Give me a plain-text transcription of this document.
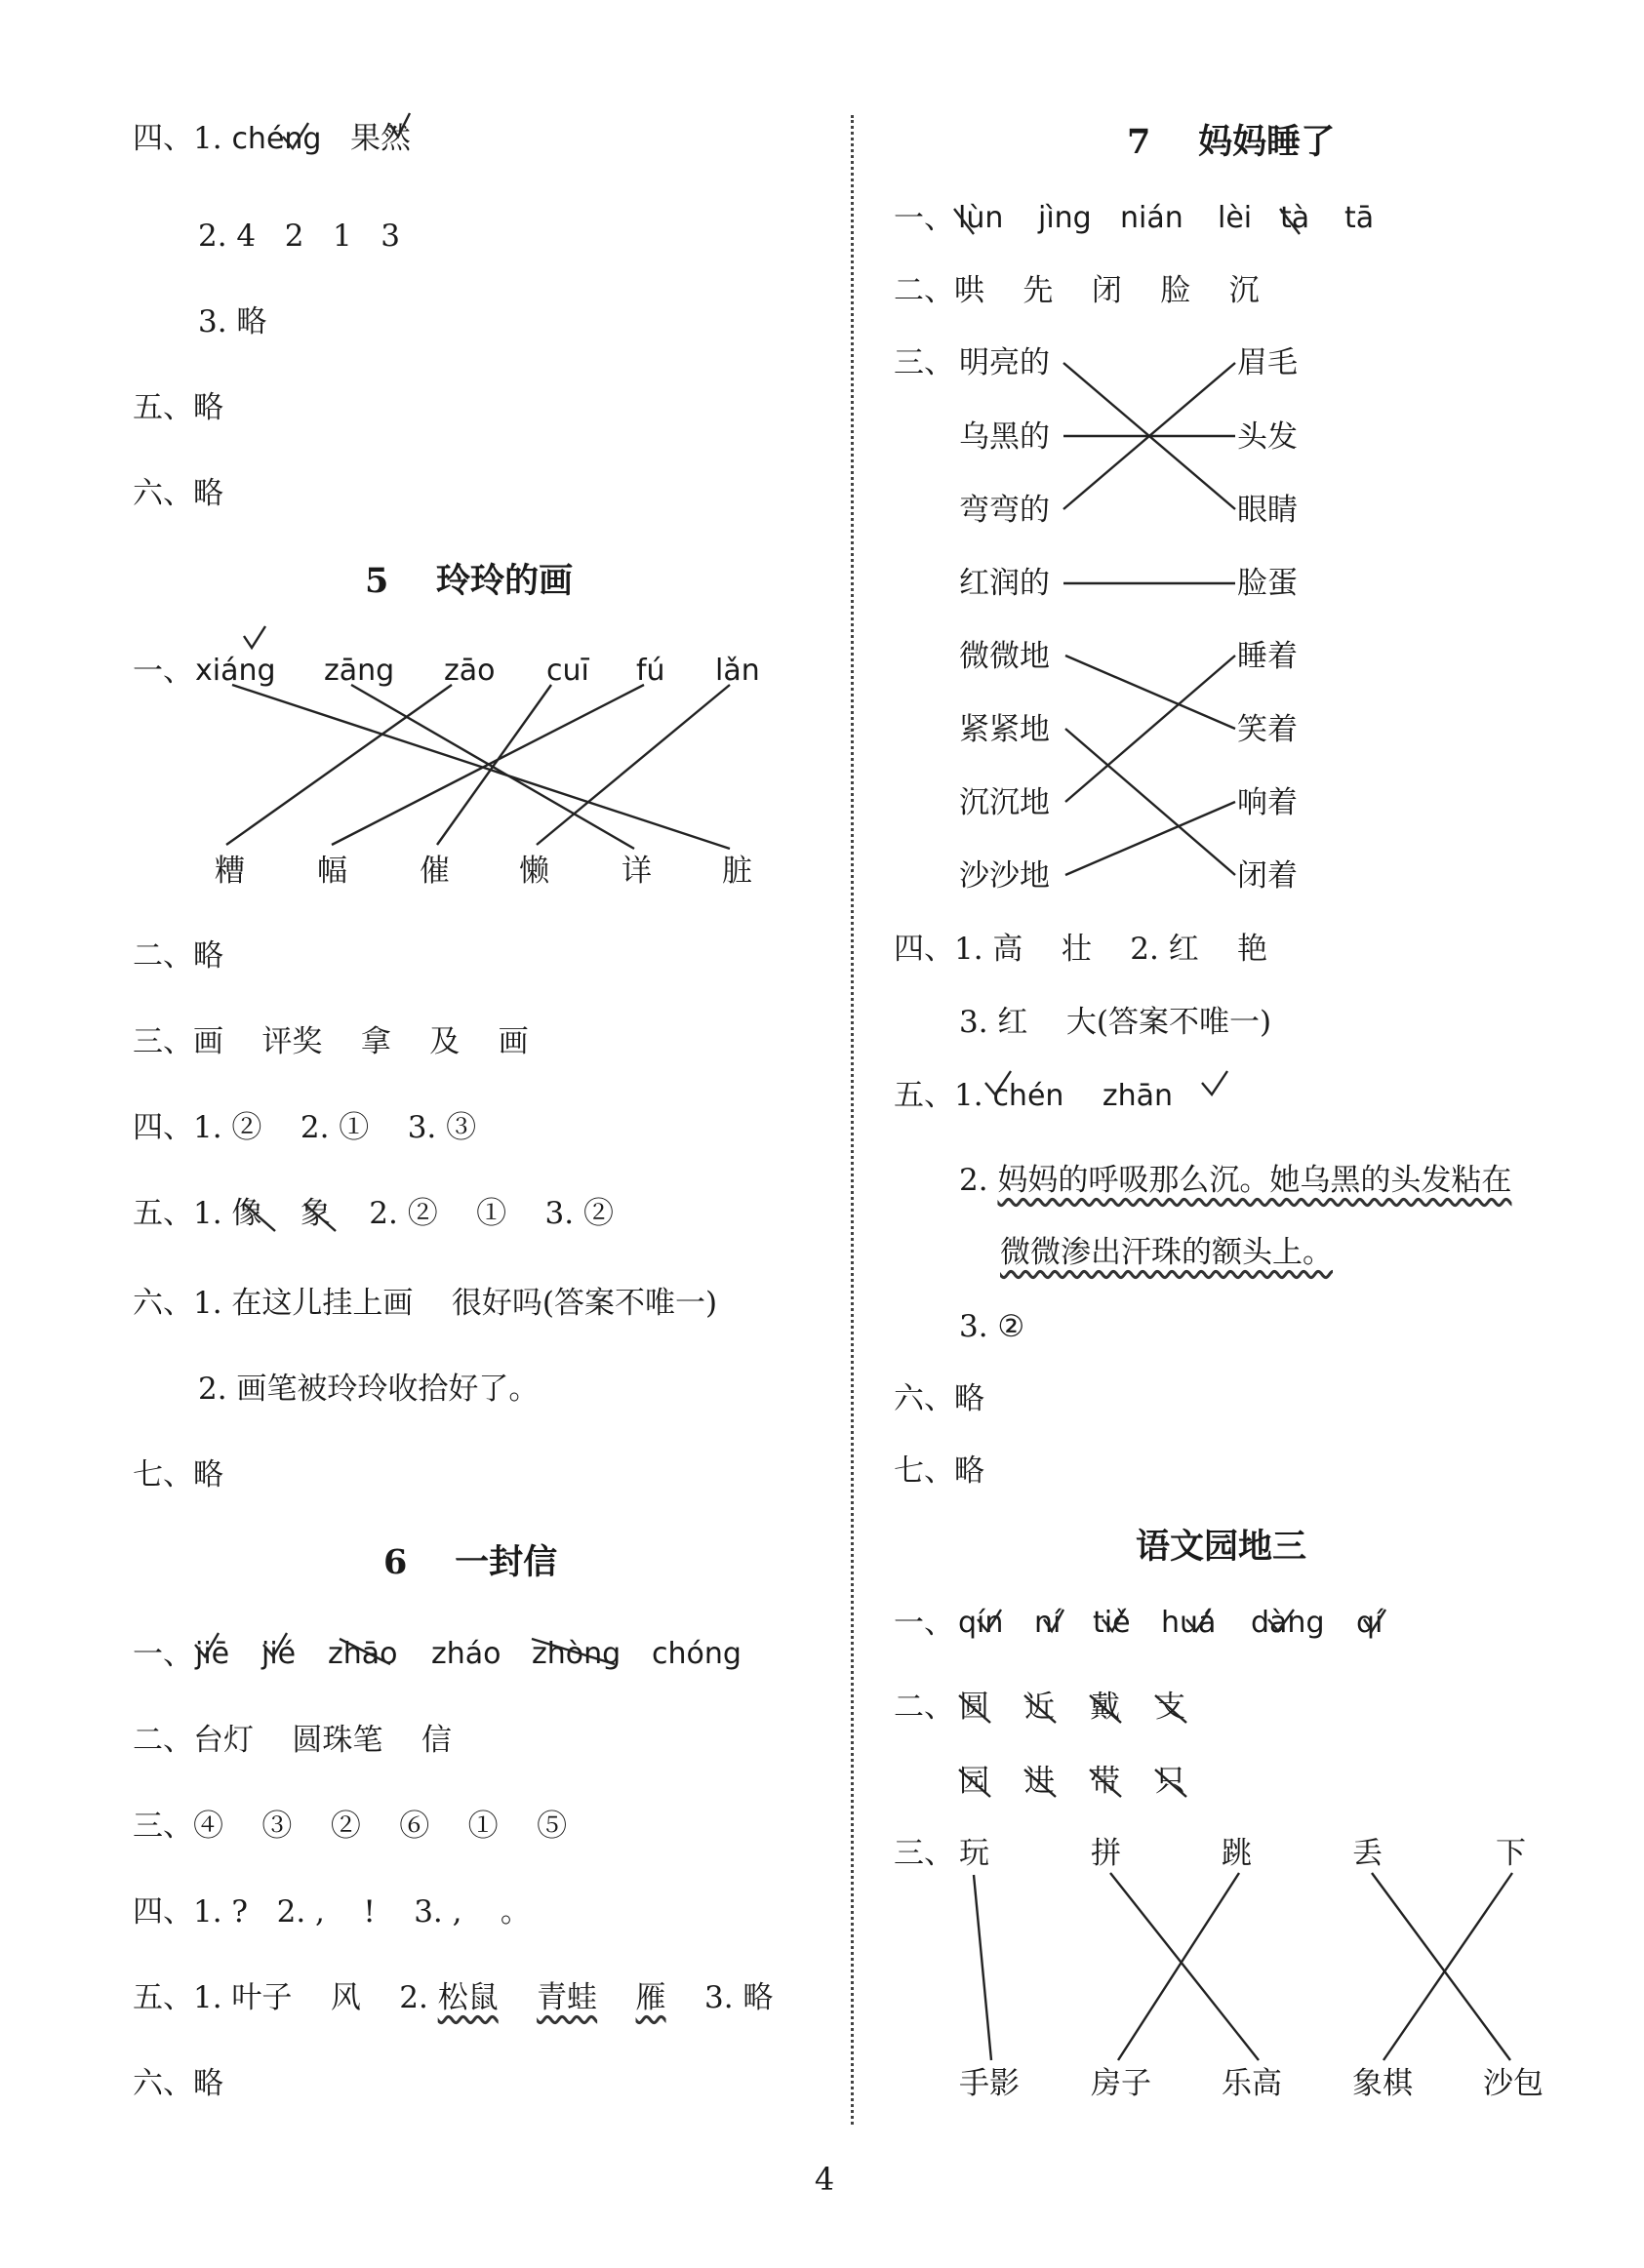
四、1. chéng 果然
2. 4   2   1   3
3. 略
五、略
六、略
5    玲玲的画
一、 xiáng zāng zāo cuī fú lǎn
糟 幅 催 懒 详 脏
二、略
三、画    评奖    拿    及    画
四、1. ②    2. ①    3. ③
五、1. 像 象 2. ②    ①    3. ②
六、1. 在这儿挂上画    很好吗(答案不唯一)
2. 画笔被玲玲收拾好了。
七、略
6    一封信
一、 jiē jié zhāo zháo zhòng chóng
二、台灯    圆珠笔    信
三、④    ③    ②    ⑥    ①    ⑤
四、1. ?   2. ,    !    3. ,    。
五、1. 叶子    风    2. 松鼠 青蛙 雁 3. 略
六、略
7    妈妈睡了
一、 lùn jìng nián lèi tà tā
二、哄    先    闭    脸    沉
三、 明亮的
乌黑的
弯弯的
红润的
微微地
紧紧地
沉沉地
沙沙地
眉毛
头发
眼睛
脸蛋
睡着
笑着
响着
闭着
四、1. 高    壮    2. 红    艳
3. 红    大(答案不唯一)
五、1. chén zhān
2. 妈妈的呼吸那么沉。她乌黑的头发粘在
微微渗出汗珠的额头上。
3. ②
六、略
七、略
语文园地三
一、 qín ní tiě huá dàng qí
二、 圆 近 戴 支
园 进 带 只
三、 玩	拼	跳	丢	下
手影 房子 乐高 象棋 沙包
4
